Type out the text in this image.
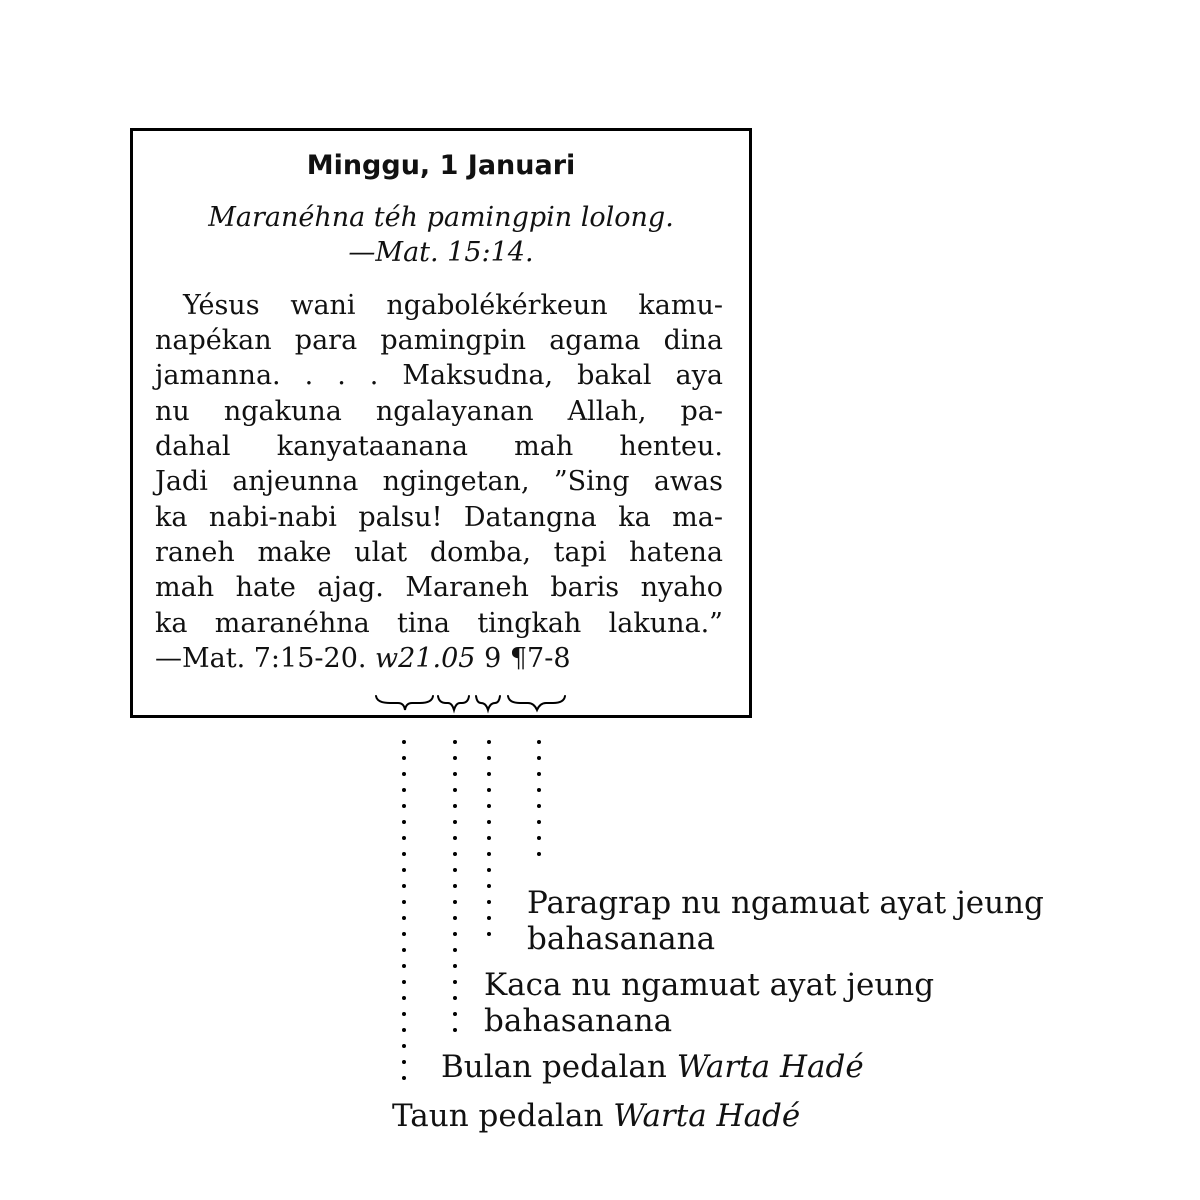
Minggu, 1 Januari
Maranéhna téh pamingpin lolong.
—Mat. 15:14.

Yésus wani ngabolékérkeun kamu-

napékan para pamingpin agama dina

jamanna. . . . Maksudna, bakal aya

nu ngakuna ngalayanan Allah, pa-

dahal kanyataanana mah henteu.

Jadi anjeunna ngingetan, ”Sing awas

ka nabi-nabi palsu! Datangna ka ma-

raneh make ulat domba, tapi hatena

mah hate ajag. Maraneh baris nyaho

ka maranéhna tina tingkah lakuna.”

—Mat. 7:15-20. w21.05 9 ¶7-8

Paragrap nu ngamuat ayat jeung
bahasanana
Kaca nu ngamuat ayat jeung
bahasanana
Bulan pedalan Warta Hadé
Taun pedalan Warta Hadé
